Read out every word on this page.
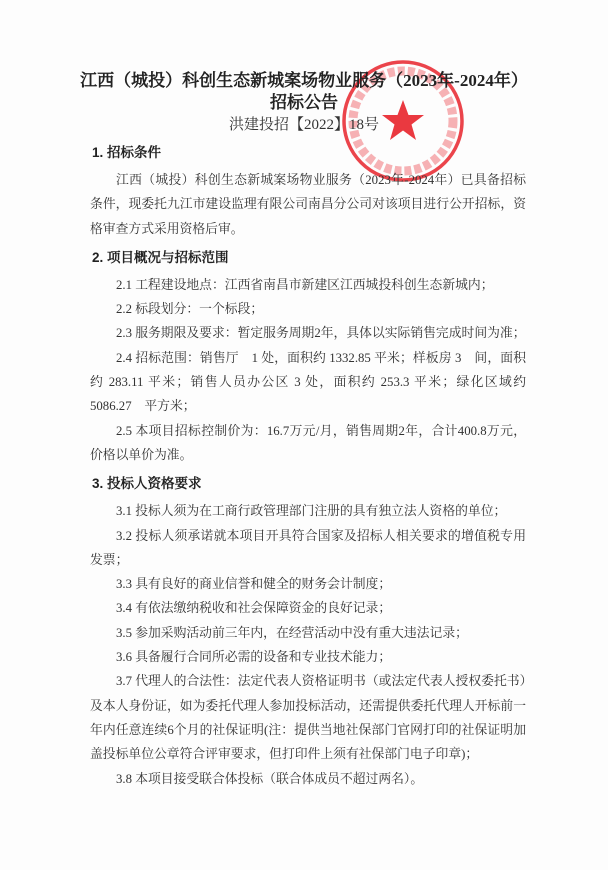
江西（城投）科创生态新城案场物业服务（2023年-2024年）
招标公告
洪建投招【2022】18号
1. 招标条件
江西（城投）科创生态新城案场物业服务（2023年-2024年）已具备招标条件，现委托九江市建设监理有限公司南昌分公司对该项目进行公开招标，资格审查方式采用资格后审。
2. 项目概况与招标范围
2.1 工程建设地点：江西省南昌市新建区江西城投科创生态新城内；
2.2 标段划分：一个标段；
2.3 服务期限及要求：暂定服务周期2年，具体以实际销售完成时间为准；
2.4 招标范围：销售厅　1 处，面积约 1332.85 平米；样板房 3　间，面积约 283.11 平米；销售人员办公区 3 处，面积约 253.3 平米；绿化区域约 5086.27　平方米；
2.5 本项目招标控制价为：16.7万元/月，销售周期2年，合计400.8万元，价格以单价为准。
3. 投标人资格要求
3.1 投标人须为在工商行政管理部门注册的具有独立法人资格的单位；
3.2 投标人须承诺就本项目开具符合国家及招标人相关要求的增值税专用发票；
3.3 具有良好的商业信誉和健全的财务会计制度；
3.4 有依法缴纳税收和社会保障资金的良好记录；
3.5 参加采购活动前三年内，在经营活动中没有重大违法记录；
3.6 具备履行合同所必需的设备和专业技术能力；
3.7 代理人的合法性：法定代表人资格证明书（或法定代表人授权委托书）及本人身份证，如为委托代理人参加投标活动，还需提供委托代理人开标前一年内任意连续6个月的社保证明(注：提供当地社保部门官网打印的社保证明加盖投标单位公章符合评审要求，但打印件上须有社保部门电子印章)；
3.8 本项目接受联合体投标（联合体成员不超过两名）。
